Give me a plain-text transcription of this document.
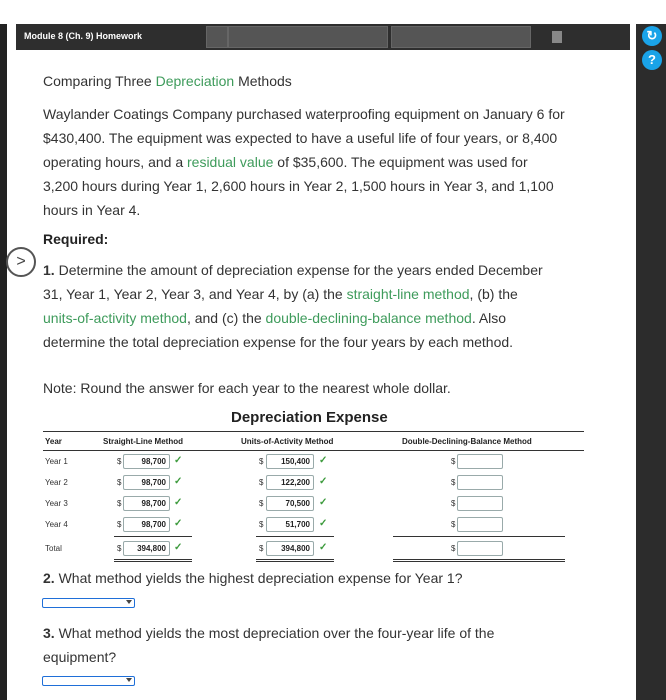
↻
?
Module 8 (Ch. 9) Homework
Comparing Three Depreciation Methods
Waylander Coatings Company purchased waterproofing equipment on January 6 for
$430,400. The equipment was expected to have a useful life of four years, or 8,400
operating hours, and a residual value of $35,600. The equipment was used for
3,200 hours during Year 1, 2,600 hours in Year 2, 1,500 hours in Year 3, and 1,100
hours in Year 4.
Required:
>	1. Determine the amount of depreciation expense for the years ended December
31, Year 1, Year 2, Year 3, and Year 4, by (a) the straight-line method, (b) the
units-of-activity method, and (c) the double-declining-balance method. Also
determine the total depreciation expense for the four years by each method.
Note: Round the answer for each year to the nearest whole dollar.
Depreciation Expense
Year	Straight-Line Method	Units-of-Activity Method	Double-Declining-Balance Method
Year 1	$	98,700 ✓	$	150,400 ✓	$
Year 2	$	98,700 ✓	$	122,200 ✓	$
Year 3	$	98,700 ✓	$	70,500 ✓	$
Year 4	$	98,700 ✓	$	51,700 ✓	$
Total	$	394,800 ✓	$	394,800 ✓	$
2. What method yields the highest depreciation expense for Year 1?
3. What method yields the most depreciation over the four-year life of the
equipment?
